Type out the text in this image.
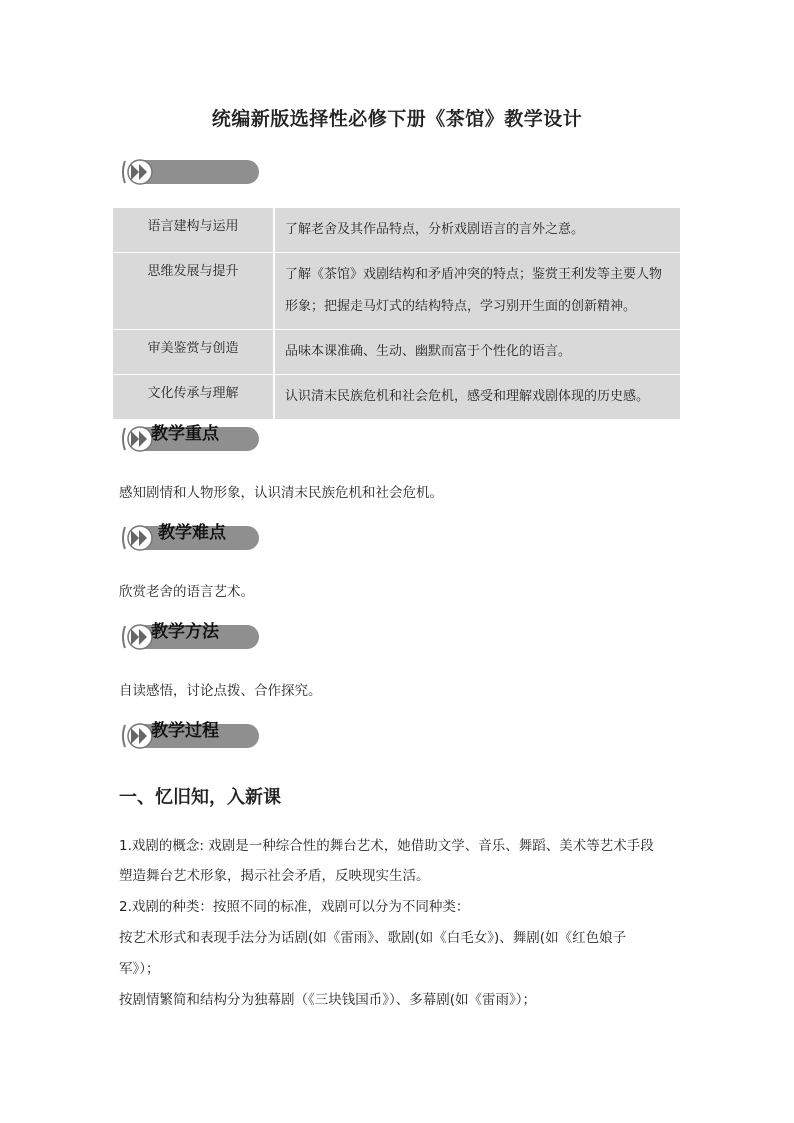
统编新版选择性必修下册《茶馆》教学设计
语言建构与运用	了解老舍及其作品特点，分析戏剧语言的言外之意。
思维发展与提升	了解《茶馆》戏剧结构和矛盾冲突的特点；鉴赏王利发等主要人物形象；把握走马灯式的结构特点，学习别开生面的创新精神。
审美鉴赏与创造	品味本课准确、生动、幽默而富于个性化的语言。
文化传承与理解	认识清末民族危机和社会危机，感受和理解戏剧体现的历史感。
教学重点
感知剧情和人物形象，认识清末民族危机和社会危机。
教学难点
欣赏老舍的语言艺术。
教学方法
自读感悟，讨论点拨、合作探究。
教学过程
一、忆旧知，入新课
1.戏剧的概念: 戏剧是一种综合性的舞台艺术，她借助文学、音乐、舞蹈、美术等艺术手段
塑造舞台艺术形象，揭示社会矛盾，反映现实生活。
2.戏剧的种类：按照不同的标准，戏剧可以分为不同种类：
按艺术形式和表现手法分为话剧(如《雷雨》、歌剧(如《白毛女》)、舞剧(如《红色娘子
军》）；
按剧情繁简和结构分为独幕剧（《三块钱国币》）、多幕剧(如《雷雨》）；
